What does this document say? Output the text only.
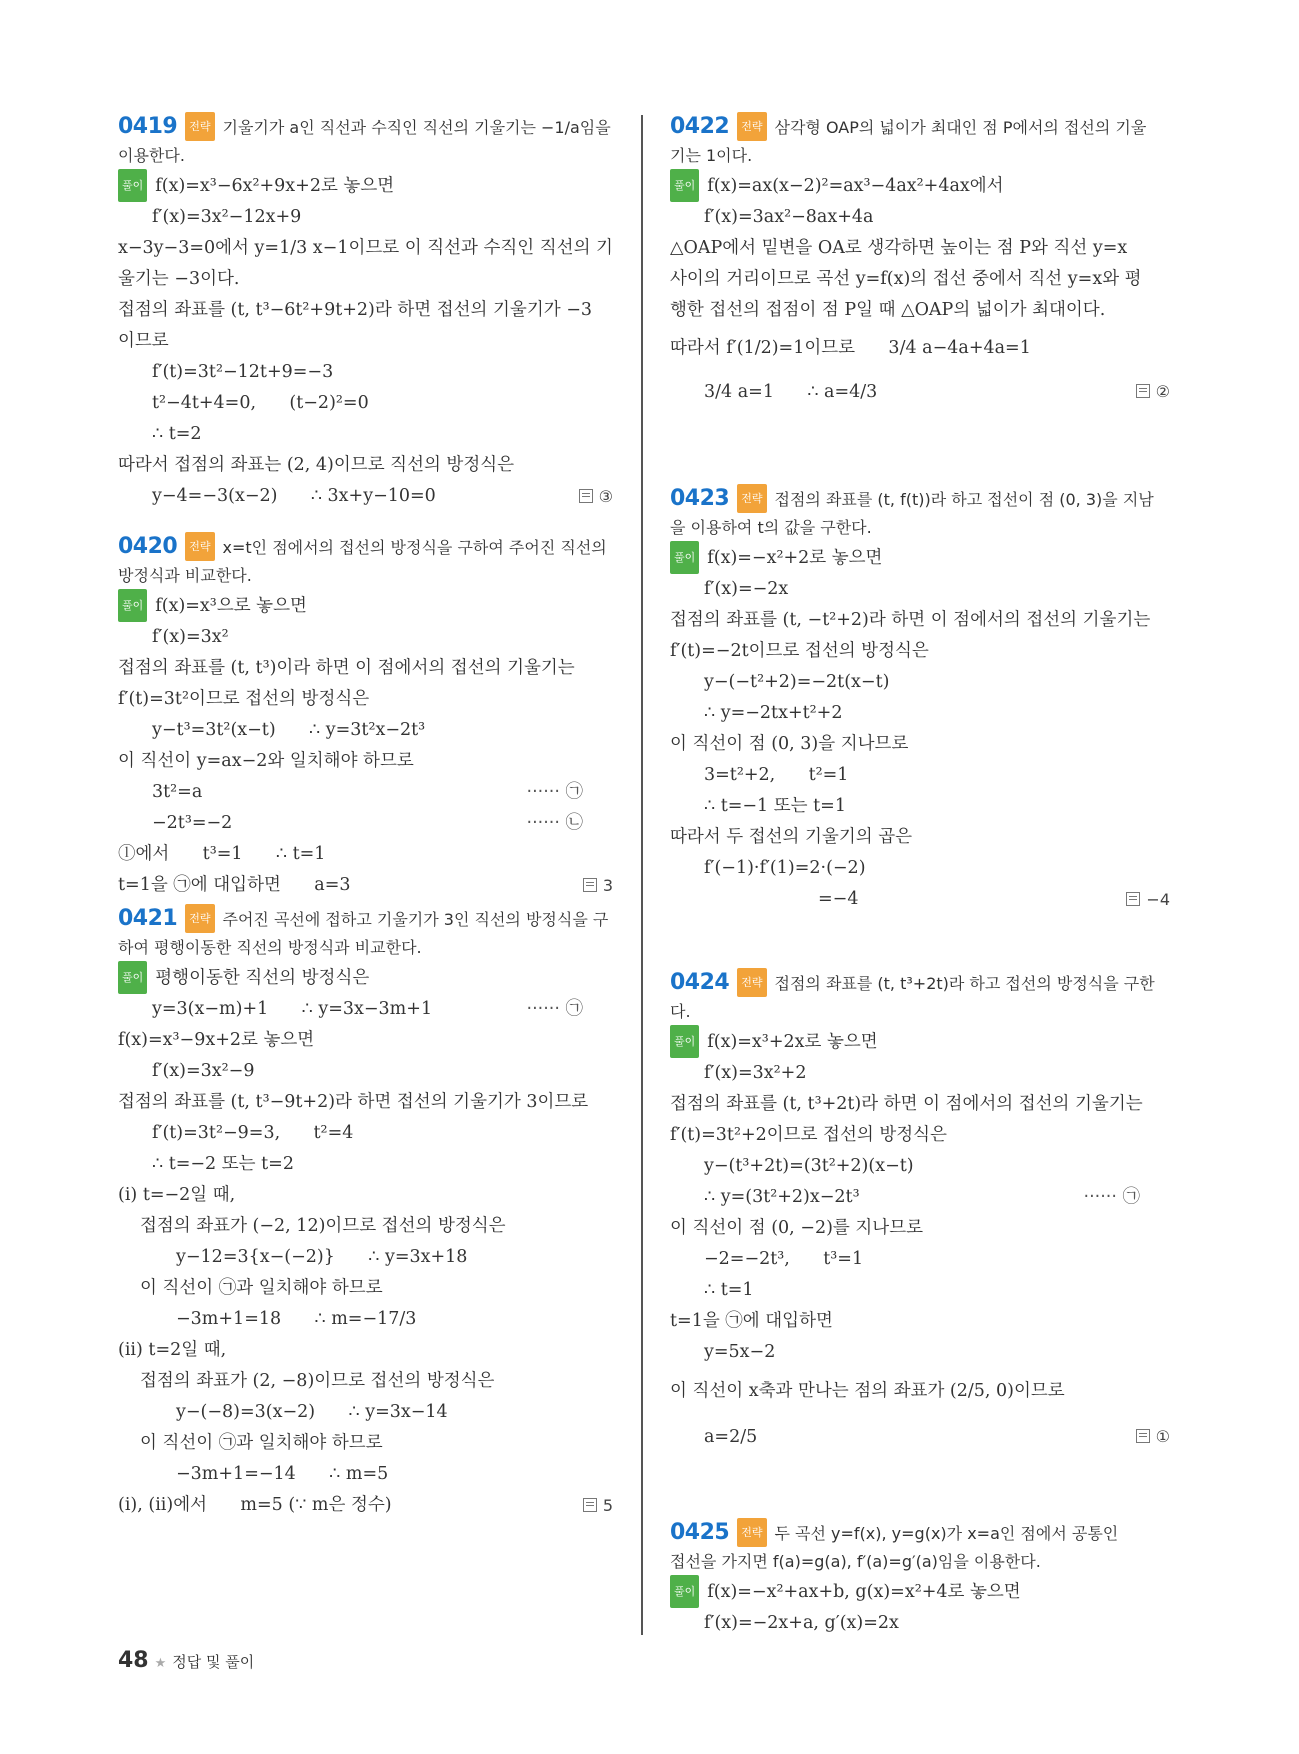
0419 전략 기울기가 a인 직선과 수직인 직선의 기울기는 −1/a임을
이용한다.
풀이 f(x)=x³−6x²+9x+2로 놓으면
f′(x)=3x²−12x+9
x−3y−3=0에서 y=1/3 x−1이므로 이 직선과 수직인 직선의 기
울기는 −3이다.
접점의 좌표를 (t, t³−6t²+9t+2)라 하면 접선의 기울기가 −3
이므로
f′(t)=3t²−12t+9=−3
t²−4t+4=0,      (t−2)²=0
∴ t=2
따라서 접점의 좌표는 (2, 4)이므로 직선의 방정식은
y−4=−3(x−2)      ∴ 3x+y−10=0	③
0420 전략 x=t인 점에서의 접선의 방정식을 구하여 주어진 직선의
방정식과 비교한다.
풀이 f(x)=x³으로 놓으면
f′(x)=3x²
접점의 좌표를 (t, t³)이라 하면 이 점에서의 접선의 기울기는
f′(t)=3t²이므로 접선의 방정식은
y−t³=3t²(x−t)      ∴ y=3t²x−2t³
이 직선이 y=ax−2와 일치해야 하므로
3t²=a	······ ㉠
−2t³=−2	······ ㉡
ⓛ에서      t³=1      ∴ t=1
t=1을 ㉠에 대입하면      a=3	3
0421 전략 주어진 곡선에 접하고 기울기가 3인 직선의 방정식을 구
하여 평행이동한 직선의 방정식과 비교한다.
풀이 평행이동한 직선의 방정식은
y=3(x−m)+1      ∴ y=3x−3m+1	······ ㉠
f(x)=x³−9x+2로 놓으면
f′(x)=3x²−9
접점의 좌표를 (t, t³−9t+2)라 하면 접선의 기울기가 3이므로
f′(t)=3t²−9=3,      t²=4
∴ t=−2 또는 t=2
(i) t=−2일 때,
접점의 좌표가 (−2, 12)이므로 접선의 방정식은
y−12=3{x−(−2)}      ∴ y=3x+18
이 직선이 ㉠과 일치해야 하므로
−3m+1=18      ∴ m=−17/3
(ii) t=2일 때,
접점의 좌표가 (2, −8)이므로 접선의 방정식은
y−(−8)=3(x−2)      ∴ y=3x−14
이 직선이 ㉠과 일치해야 하므로
−3m+1=−14      ∴ m=5
(i), (ii)에서      m=5 (∵ m은 정수)	5
0422 전략 삼각형 OAP의 넓이가 최대인 점 P에서의 접선의 기울
기는 1이다.
풀이 f(x)=ax(x−2)²=ax³−4ax²+4ax에서
f′(x)=3ax²−8ax+4a
△OAP에서 밑변을 OA로 생각하면 높이는 점 P와 직선 y=x
사이의 거리이므로 곡선 y=f(x)의 접선 중에서 직선 y=x와 평
행한 접선의 접점이 점 P일 때 △OAP의 넓이가 최대이다.
따라서 f′(1/2)=1이므로      3/4 a−4a+4a=1
3/4 a=1      ∴ a=4/3	②
0423 전략 접점의 좌표를 (t, f(t))라 하고 접선이 점 (0, 3)을 지남
을 이용하여 t의 값을 구한다.
풀이 f(x)=−x²+2로 놓으면
f′(x)=−2x
접점의 좌표를 (t, −t²+2)라 하면 이 점에서의 접선의 기울기는
f′(t)=−2t이므로 접선의 방정식은
y−(−t²+2)=−2t(x−t)
∴ y=−2tx+t²+2
이 직선이 점 (0, 3)을 지나므로
3=t²+2,      t²=1
∴ t=−1 또는 t=1
따라서 두 접선의 기울기의 곱은
f′(−1)·f′(1)=2·(−2)
=−4	−4
0424 전략 접점의 좌표를 (t, t³+2t)라 하고 접선의 방정식을 구한
다.
풀이 f(x)=x³+2x로 놓으면
f′(x)=3x²+2
접점의 좌표를 (t, t³+2t)라 하면 이 점에서의 접선의 기울기는
f′(t)=3t²+2이므로 접선의 방정식은
y−(t³+2t)=(3t²+2)(x−t)
∴ y=(3t²+2)x−2t³	······ ㉠
이 직선이 점 (0, −2)를 지나므로
−2=−2t³,      t³=1
∴ t=1
t=1을 ㉠에 대입하면
y=5x−2
이 직선이 x축과 만나는 점의 좌표가 (2/5, 0)이므로
a=2/5	①
0425 전략 두 곡선 y=f(x), y=g(x)가 x=a인 점에서 공통인
접선을 가지면 f(a)=g(a), f′(a)=g′(a)임을 이용한다.
풀이 f(x)=−x²+ax+b, g(x)=x²+4로 놓으면
f′(x)=−2x+a, g′(x)=2x
48 ★ 정답 및 풀이
